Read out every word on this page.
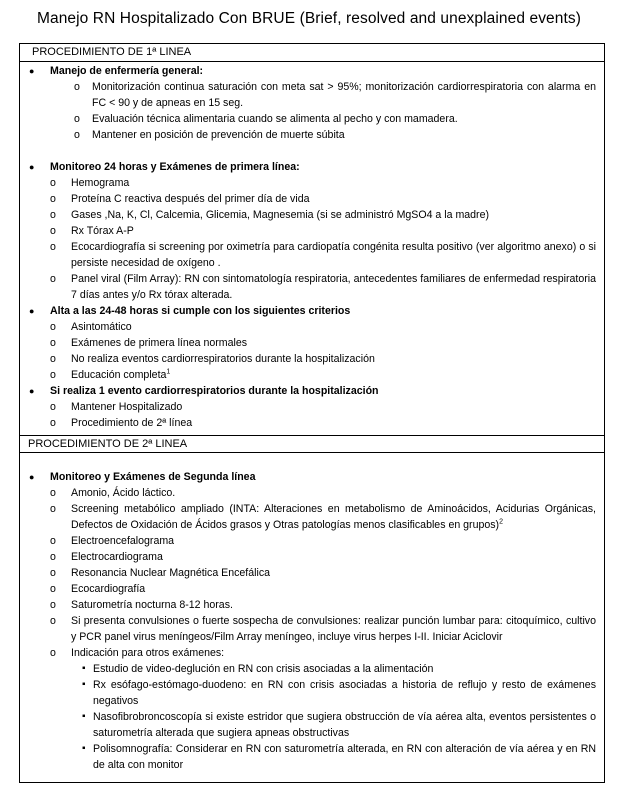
Manejo RN Hospitalizado Con BRUE (Brief, resolved and unexplained events)
PROCEDIMIENTO DE 1ª LINEA
● Manejo de enfermería general:
o Monitorización continua saturación con meta sat > 95%; monitorización cardiorrespiratoria con alarma en FC < 90 y de apneas en 15 seg.
o Evaluación técnica alimentaria cuando se alimenta al pecho y con mamadera.
o Mantener en posición de prevención de muerte súbita
● Monitoreo 24 horas y Exámenes de primera línea:
o Hemograma
o Proteína C reactiva después del primer día de vida
o Gases ,Na, K, Cl, Calcemia, Glicemia, Magnesemia (si se administró MgSO4 a la madre)
o Rx Tórax A-P
o Ecocardiografía si screening por oximetría para cardiopatía congénita resulta positivo (ver algoritmo anexo) o si persiste necesidad de oxígeno .
o Panel viral (Film Array): RN con sintomatología respiratoria, antecedentes familiares de enfermedad respiratoria 7 días antes y/o Rx tórax alterada.
● Alta a las 24-48 horas si cumple con los siguientes criterios
o Asintomático
o Exámenes de primera línea normales
o No realiza eventos cardiorrespiratorios durante la hospitalización
o Educación completa$^1$
● Si realiza 1 evento cardiorrespiratorios durante la hospitalización
o Mantener Hospitalizado
o Procedimiento de 2ª línea
PROCEDIMIENTO DE 2ª LINEA
● Monitoreo y Exámenes de Segunda línea
o Amonio, Ácido láctico.
o Screening metabólico ampliado (INTA: Alteraciones en metabolismo de Aminoácidos, Acidurias Orgánicas, Defectos de Oxidación de Ácidos grasos y Otras patologías menos clasificables en grupos)$^2$
o Electroencefalograma
o Electrocardiograma
o Resonancia Nuclear Magnética Encefálica
o Ecocardiografía
o Saturometría nocturna 8-12 horas.
o Si presenta convulsiones o fuerte sospecha de convulsiones: realizar punción lumbar para: citoquímico, cultivo y PCR panel virus meníngeos/Film Array meníngeo, incluye virus herpes I-II. Iniciar Aciclovir
o Indicación para otros exámenes:
▪ Estudio de video-deglución en RN con crisis asociadas a la alimentación
▪ Rx esófago-estómago-duodeno: en RN con crisis asociadas a historia de reflujo y resto de exámenes negativos
▪ Nasofibrobroncoscopía si existe estridor que sugiera obstrucción de vía aérea alta, eventos persistentes o saturometría alterada que sugiera apneas obstructivas
▪ Polisomnografía: Considerar en RN con saturometría alterada, en RN con alteración de vía aérea y en RN de alta con monitor
